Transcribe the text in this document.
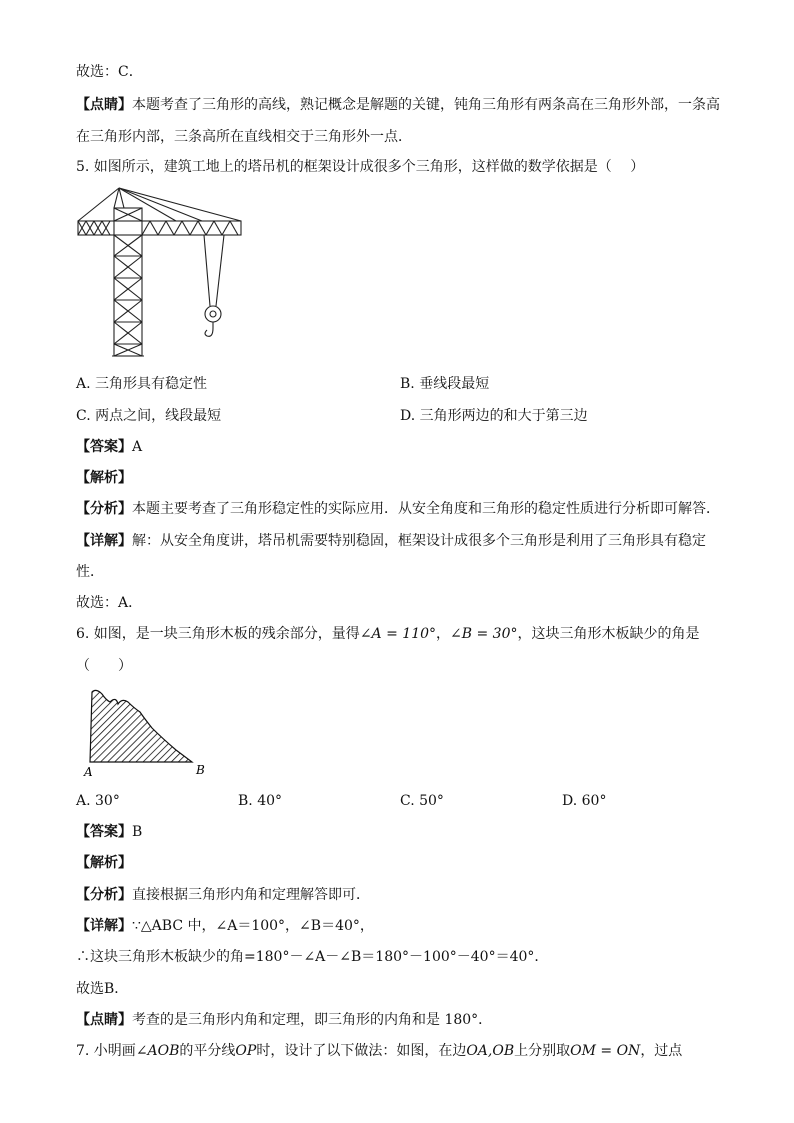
故选：C．
【点睛】本题考查了三角形的高线，熟记概念是解题的关键，钝角三角形有两条高在三角形外部，一条高
在三角形内部，三条高所在直线相交于三角形外一点．
5. 如图所示，建筑工地上的塔吊机的框架设计成很多个三角形，这样做的数学依据是（　 ）
A. 三角形具有稳定性	B. 垂线段最短
C. 两点之间，线段最短	D. 三角形两边的和大于第三边
【答案】A
【解析】
【分析】本题主要考查了三角形稳定性的实际应用．从安全角度和三角形的稳定性质进行分析即可解答．
【详解】解：从安全角度讲，塔吊机需要特别稳固，框架设计成很多个三角形是利用了三角形具有稳定
性．
故选：A．
6. 如图，是一块三角形木板的残余部分，量得∠A = 110°，∠B = 30°，这块三角形木板缺少的角是
（　　）
A	B
A. 30°	B. 40°	C. 50°	D. 60°
【答案】B
【解析】
【分析】直接根据三角形内角和定理解答即可．
【详解】∵△ABC 中，∠A＝100°，∠B＝40°，
∴这块三角形木板缺少的角=180°－∠A－∠B＝180°－100°－40°＝40°．
故选B．
【点睛】考查的是三角形内角和定理，即三角形的内角和是 180°．
7. 小明画∠AOB的平分线OP时，设计了以下做法：如图，在边OA,OB上分别取OM = ON，过点
